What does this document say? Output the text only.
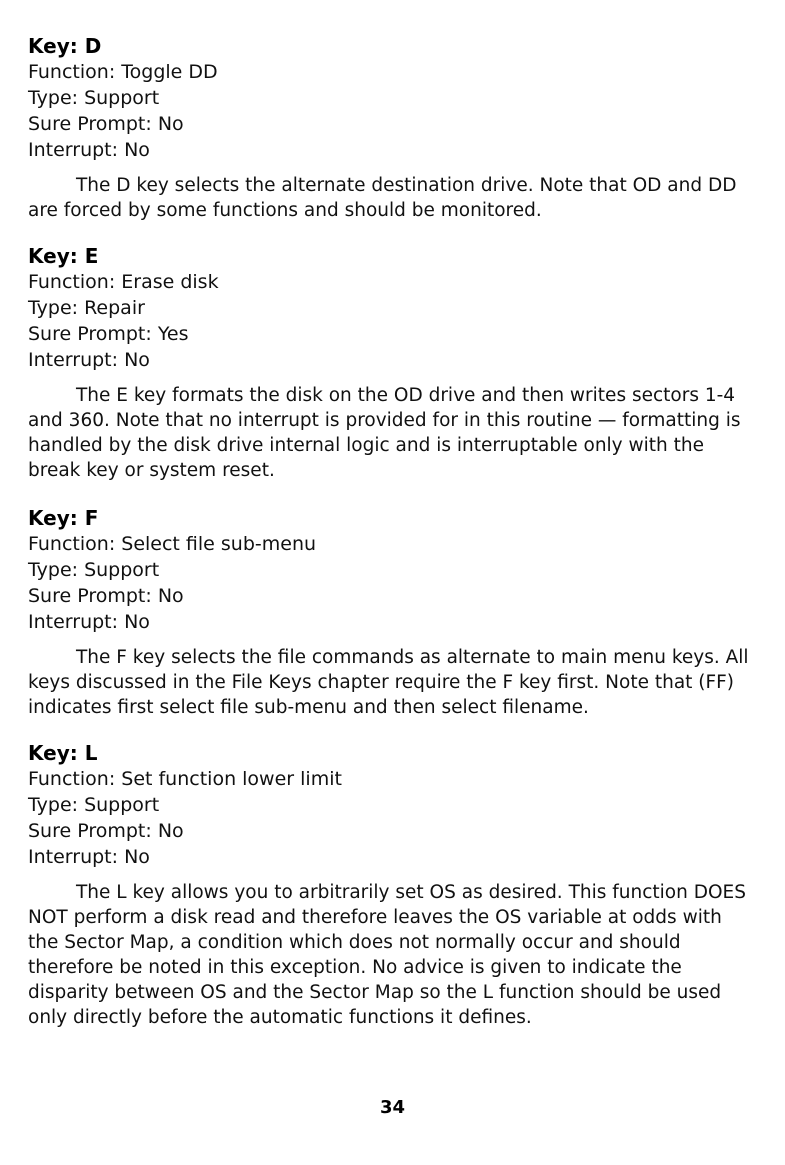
Key: D
Function: Toggle DD
Type: Support
Sure Prompt: No
Interrupt: No

The D key selects the alternate destination drive. Note that OD and DD are forced by some functions and should be monitored.

Key: E
Function: Erase disk
Type: Repair
Sure Prompt: Yes
Interrupt: No

The E key formats the disk on the OD drive and then writes sectors 1-4 and 360. Note that no interrupt is provided for in this routine — formatting is handled by the disk drive internal logic and is interruptable only with the break key or system reset.

Key: F
Function: Select file sub-menu
Type: Support
Sure Prompt: No
Interrupt: No

The F key selects the file commands as alternate to main menu keys. All keys discussed in the File Keys chapter require the F key first. Note that (FF) indicates first select file sub-menu and then select filename.

Key: L
Function: Set function lower limit
Type: Support
Sure Prompt: No
Interrupt: No

The L key allows you to arbitrarily set OS as desired. This function DOES NOT perform a disk read and therefore leaves the OS variable at odds with the Sector Map, a condition which does not normally occur and should therefore be noted in this exception. No advice is given to indicate the disparity between OS and the Sector Map so the L function should be used only directly before the automatic functions it defines.

34
